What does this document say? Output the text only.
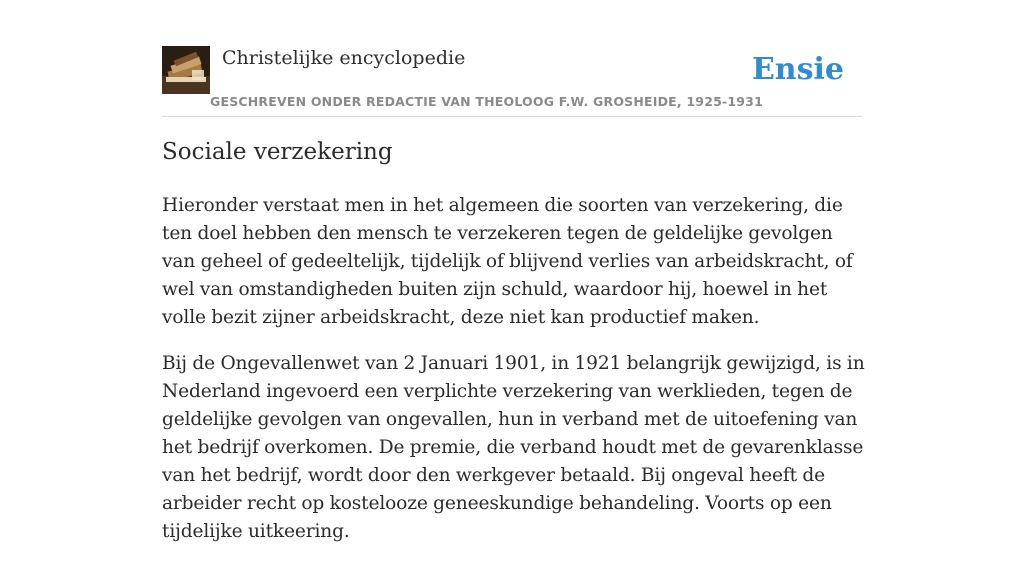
Christelijke encyclopedie
GESCHREVEN ONDER REDACTIE VAN THEOLOOG F.W. GROSHEIDE, 1925-1931
Ensie
Sociale verzekering

Hieronder verstaat men in het algemeen die soorten van verzekering, die ten doel hebben den mensch te verzekeren tegen de geldelijke gevolgen van geheel of gedeeltelijk, tijdelijk of blijvend verlies van arbeidskracht, of wel van omstandigheden buiten zijn schuld, waardoor hij, hoewel in het volle bezit zijner arbeidskracht, deze niet kan productief maken.

Bij de Ongevallenwet van 2 Januari 1901, in 1921 belangrijk gewijzigd, is in Nederland ingevoerd een verplichte verzekering van werklieden, tegen de geldelijke gevolgen van ongevallen, hun in verband met de uitoefening van het bedrijf overkomen. De premie, die verband houdt met de gevarenklasse van het bedrijf, wordt door den werkgever betaald. Bij ongeval heeft de arbeider recht op kostelooze geneeskundige behandeling. Voorts op een tijdelijke uitkeering.
